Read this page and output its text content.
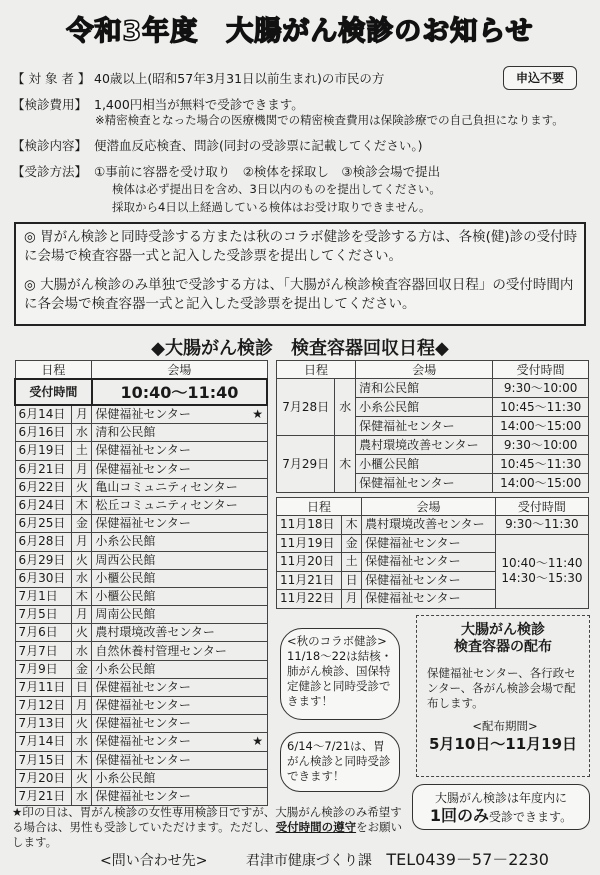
令和3年度　大腸がん検診のお知らせ
申込不要
【 対 象 者 】 40歳以上(昭和57年3月31日以前生まれ)の市民の方
【検診費用】 1,400円相当が無料で受診できます。
※精密検査となった場合の医療機関での精密検査費用は保険診療での自己負担になります。
【検診内容】 便潜血反応検査、問診(同封の受診票に記載してください。)
【受診方法】 ①事前に容器を受け取り　②検体を採取し　③検診会場で提出
検体は必ず提出日を含め、3日以内のものを提出してください。
採取から4日以上経過している検体はお受け取りできません。
◎ 胃がん検診と同時受診する方または秋のコラボ健診を受診する方は、各検(健)診の受付時に会場で検査容器一式と記入した受診票を提出してください。
◎ 大腸がん検診のみ単独で受診する方は、「大腸がん検診検査容器回収日程」の受付時間内に各会場で検査容器一式と記入した受診票を提出してください。
◆大腸がん検診　検査容器回収日程◆
日程		会場	
受付時間		10:40～11:40	
6月14日	月	保健福祉センター	★
6月16日	水	清和公民館	
6月19日	土	保健福祉センター	
6月21日	月	保健福祉センター	
6月22日	火	亀山コミュニティセンター	
6月24日	木	松丘コミュニティセンター	
6月25日	金	保健福祉センター	
6月28日	月	小糸公民館	
6月29日	火	周西公民館	
6月30日	水	小櫃公民館	
7月1日	木	小櫃公民館	
7月5日	月	周南公民館	
7月6日	火	農村環境改善センター	
7月7日	水	自然休養村管理センター	
7月9日	金	小糸公民館	
7月11日	日	保健福祉センター	
7月12日	月	保健福祉センター	
7月13日	火	保健福祉センター	
7月14日	水	保健福祉センター	★
7月15日	木	保健福祉センター	
7月20日	火	小糸公民館	
7月21日	水	保健福祉センター	
日程		会場	受付時間
7月28日	水	清和公民館	9:30～10:00
		小糸公民館	10:45～11:30
		保健福祉センター	14:00～15:00
7月29日	木	農村環境改善センター	9:30～10:00
		小櫃公民館	10:45～11:30
		保健福祉センター	14:00～15:00
日程		会場	受付時間
11月18日	木	農村環境改善センター	9:30～11:30
11月19日	金	保健福祉センター	10:40～11:40
14:30～15:30
11月20日	土	保健福祉センター	
11月21日	日	保健福祉センター	
11月22日	月	保健福祉センター	
<秋のコラボ健診>
11/18～22は結核・肺がん検診、国保特定健診と同時受診できます！
6/14～7/21は、胃がん検診と同時受診できます！
大腸がん検診
検査容器の配布
保健福祉センター、各行政センター、各がん検診会場で配布します。
<配布期間>
5月10日～11月19日
大腸がん検診は年度内に
1回のみ受診できます。
★印の日は、胃がん検診の女性専用検診日ですが、大腸がん検診のみ希望する場合は、男性も受診していただけます。ただし、受付時間の遵守をお願いします。
<問い合わせ先>	君津市健康づくり課 TEL0439－57－2230
